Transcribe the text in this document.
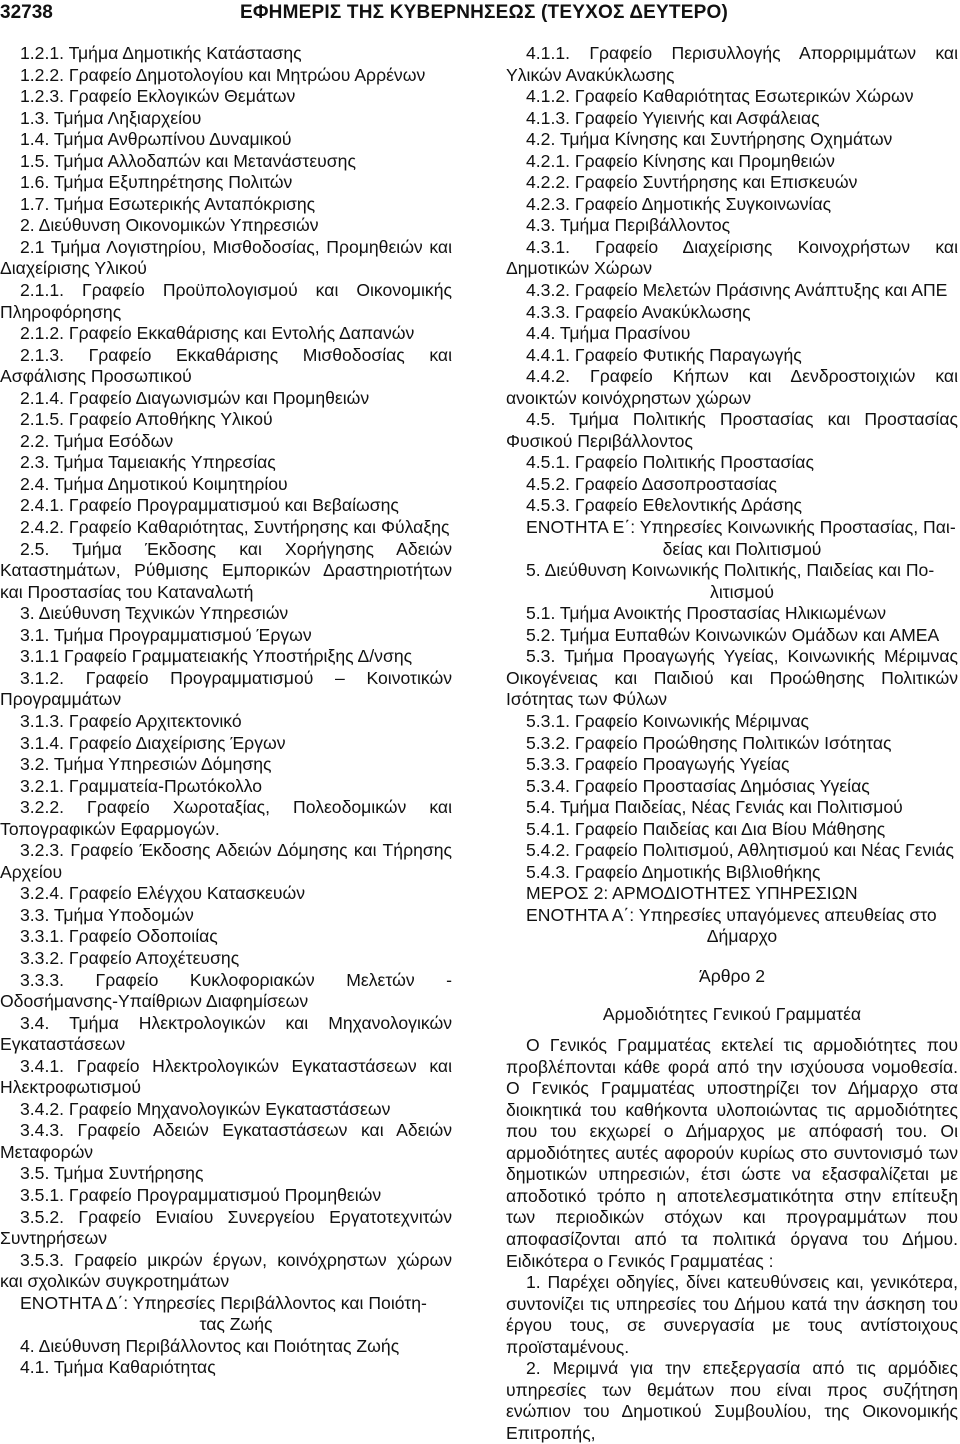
32738	ΕΦΗΜΕΡΙΣ ΤΗΣ ΚΥΒΕΡΝΗΣΕΩΣ (ΤΕΥΧΟΣ ΔΕΥΤΕΡΟ)

1.2.1. Τμήμα Δημοτικής Κατάστασης

1.2.2. Γραφείο Δημοτολογίου και Μητρώου Αρρένων

1.2.3. Γραφείο Εκλογικών Θεμάτων

1.3. Τμήμα Ληξιαρχείου

1.4. Τμήμα Ανθρωπίνου Δυναμικού

1.5. Τμήμα Αλλοδαπών και Μετανάστευσης

1.6. Τμήμα Εξυπηρέτησης Πολιτών

1.7. Τμήμα Εσωτερικής Ανταπόκρισης

2. Διεύθυνση Οικονομικών Υπηρεσιών

2.1 Τμήμα Λογιστηρίου, Μισθοδοσίας, Προμηθειών και Διαχείρισης Υλικού

2.1.1. Γραφείο Προϋπολογισμού και Οικονομικής Πληροφόρησης

2.1.2. Γραφείο Εκκαθάρισης και Εντολής Δαπανών

2.1.3. Γραφείο Εκκαθάρισης Μισθοδοσίας και Ασφάλισης Προσωπικού

2.1.4. Γραφείο Διαγωνισμών και Προμηθειών

2.1.5. Γραφείο Αποθήκης Υλικού

2.2. Τμήμα Εσόδων

2.3. Τμήμα Ταμειακής Υπηρεσίας

2.4. Τμήμα Δημοτικού Κοιμητηρίου

2.4.1. Γραφείο Προγραμματισμού και Βεβαίωσης

2.4.2. Γραφείο Καθαριότητας, Συντήρησης και Φύλαξης

2.5. Τμήμα Έκδοσης και Χορήγησης Αδειών Καταστημάτων, Ρύθμισης Εμπορικών Δραστηριοτήτων και Προστασίας του Καταναλωτή

3. Διεύθυνση Τεχνικών Υπηρεσιών

3.1. Τμήμα Προγραμματισμού Έργων

3.1.1 Γραφείο Γραμματειακής Υποστήριξης Δ/νσης

3.1.2. Γραφείο Προγραμματισμού – Κοινοτικών Προγραμμάτων

3.1.3. Γραφείο Αρχιτεκτονικό

3.1.4. Γραφείο Διαχείρισης Έργων

3.2. Τμήμα Υπηρεσιών Δόμησης

3.2.1. Γραμματεία-Πρωτόκολλο

3.2.2. Γραφείο Χωροταξίας, Πολεοδομικών και Τοπογραφικών Εφαρμογών.

3.2.3. Γραφείο Έκδοσης Αδειών Δόμησης και Τήρησης Αρχείου

3.2.4. Γραφείο Ελέγχου Κατασκευών

3.3. Τμήμα Υποδομών

3.3.1. Γραφείο Οδοποιίας

3.3.2. Γραφείο Αποχέτευσης

3.3.3. Γραφείο Κυκλοφοριακών Μελετών - Οδοσήμανσης-Υπαίθριων Διαφημίσεων

3.4. Τμήμα Ηλεκτρολογικών και Μηχανολογικών Εγκαταστάσεων

3.4.1. Γραφείο Ηλεκτρολογικών Εγκαταστάσεων και Ηλεκτροφωτισμού

3.4.2. Γραφείο Μηχανολογικών Εγκαταστάσεων

3.4.3. Γραφείο Αδειών Εγκαταστάσεων και Αδειών Μεταφορών

3.5. Τμήμα Συντήρησης

3.5.1. Γραφείο Προγραμματισμού Προμηθειών

3.5.2. Γραφείο Ενιαίου Συνεργείου Εργατοτεχνιτών Συντηρήσεων

3.5.3. Γραφείο μικρών έργων, κοινόχρηστων χώρων και σχολικών συγκροτημάτων

ΕΝΟΤΗΤΑ Δ΄: Υπηρεσίες Περιβάλλοντος και Ποιότη-

τας Ζωής

4. Διεύθυνση Περιβάλλοντος και Ποιότητας Ζωής

4.1. Τμήμα Καθαριότητας

4.1.1. Γραφείο Περισυλλογής Απορριμμάτων και Υλικών Ανακύκλωσης

4.1.2. Γραφείο Καθαριότητας Εσωτερικών Χώρων

4.1.3. Γραφείο Υγιεινής και Ασφάλειας

4.2. Τμήμα Κίνησης και Συντήρησης Οχημάτων

4.2.1. Γραφείο Κίνησης και Προμηθειών

4.2.2. Γραφείο Συντήρησης και Επισκευών

4.2.3. Γραφείο Δημοτικής Συγκοινωνίας

4.3. Τμήμα Περιβάλλοντος

4.3.1. Γραφείο Διαχείρισης Κοινοχρήστων και Δημοτικών Χώρων

4.3.2. Γραφείο Μελετών Πράσινης Ανάπτυξης και ΑΠΕ

4.3.3. Γραφείο Ανακύκλωσης

4.4. Τμήμα Πρασίνου

4.4.1. Γραφείο Φυτικής Παραγωγής

4.4.2. Γραφείο Κήπων και Δενδροστοιχιών και ανοικτών κοινόχρηστων χώρων

4.5. Τμήμα Πολιτικής Προστασίας και Προστασίας Φυσικού Περιβάλλοντος

4.5.1. Γραφείο Πολιτικής Προστασίας

4.5.2. Γραφείο Δασοπροστασίας

4.5.3. Γραφείο Εθελοντικής Δράσης

ΕΝΟΤΗΤΑ Ε΄: Υπηρεσίες Κοινωνικής Προστασίας, Παι-

δείας και Πολιτισμού

5. Διεύθυνση Κοινωνικής Πολιτικής, Παιδείας και Πο-

λιτισμού

5.1. Τμήμα Ανοικτής Προστασίας Ηλικιωμένων

5.2. Τμήμα Ευπαθών Κοινωνικών Ομάδων και ΑΜΕΑ

5.3. Τμήμα Προαγωγής Υγείας, Κοινωνικής Μέριμνας Οικογένειας και Παιδιού και Προώθησης Πολιτικών Ισότητας των Φύλων

5.3.1. Γραφείο Κοινωνικής Μέριμνας

5.3.2. Γραφείο Προώθησης Πολιτικών Ισότητας

5.3.3. Γραφείο Προαγωγής Υγείας

5.3.4. Γραφείο Προστασίας Δημόσιας Υγείας

5.4. Τμήμα Παιδείας, Νέας Γενιάς και Πολιτισμού

5.4.1. Γραφείο Παιδείας και Δια Βίου Μάθησης

5.4.2. Γραφείο Πολιτισμού, Αθλητισμού και Νέας Γενιάς

5.4.3. Γραφείο Δημοτικής Βιβλιοθήκης

ΜΕΡΟΣ 2: ΑΡΜΟΔΙΟΤΗΤΕΣ ΥΠΗΡΕΣΙΩΝ

ΕΝΟΤΗΤΑ Α΄: Υπηρεσίες υπαγόμενες απευθείας στο

Δήμαρχο

Άρθρο 2

Αρμοδιότητες Γενικού Γραμματέα

Ο Γενικός Γραμματέας εκτελεί τις αρμοδιότητες που προβλέπονται κάθε φορά από την ισχύουσα νομοθεσία. Ο Γενικός Γραμματέας υποστηρίζει τον Δήμαρχο στα διοικητικά του καθήκοντα υλοποιώντας τις αρμοδιότητες που του εκχωρεί ο Δήμαρχος με απόφασή του. Οι αρμοδιότητες αυτές αφορούν κυρίως στο συντονισμό των δημοτικών υπηρεσιών, έτσι ώστε να εξασφαλίζεται με αποδοτικό τρόπο η αποτελεσματικότητα στην επίτευξη των περιοδικών στόχων και προγραμμάτων που αποφασίζονται από τα πολιτικά όργανα του Δήμου. Ειδικότερα ο Γενικός Γραμματέας :

1. Παρέχει οδηγίες, δίνει κατευθύνσεις και, γενικότερα, συντονίζει τις υπηρεσίες του Δήμου κατά την άσκηση του έργου τους, σε συνεργασία με τους αντίστοιχους προϊσταμένους.

2. Μεριμνά για την επεξεργασία από τις αρμόδιες υπηρεσίες των θεμάτων που είναι προς συζήτηση ενώπιον του Δημοτικού Συμβουλίου, της Οικονομικής Επιτροπής,
